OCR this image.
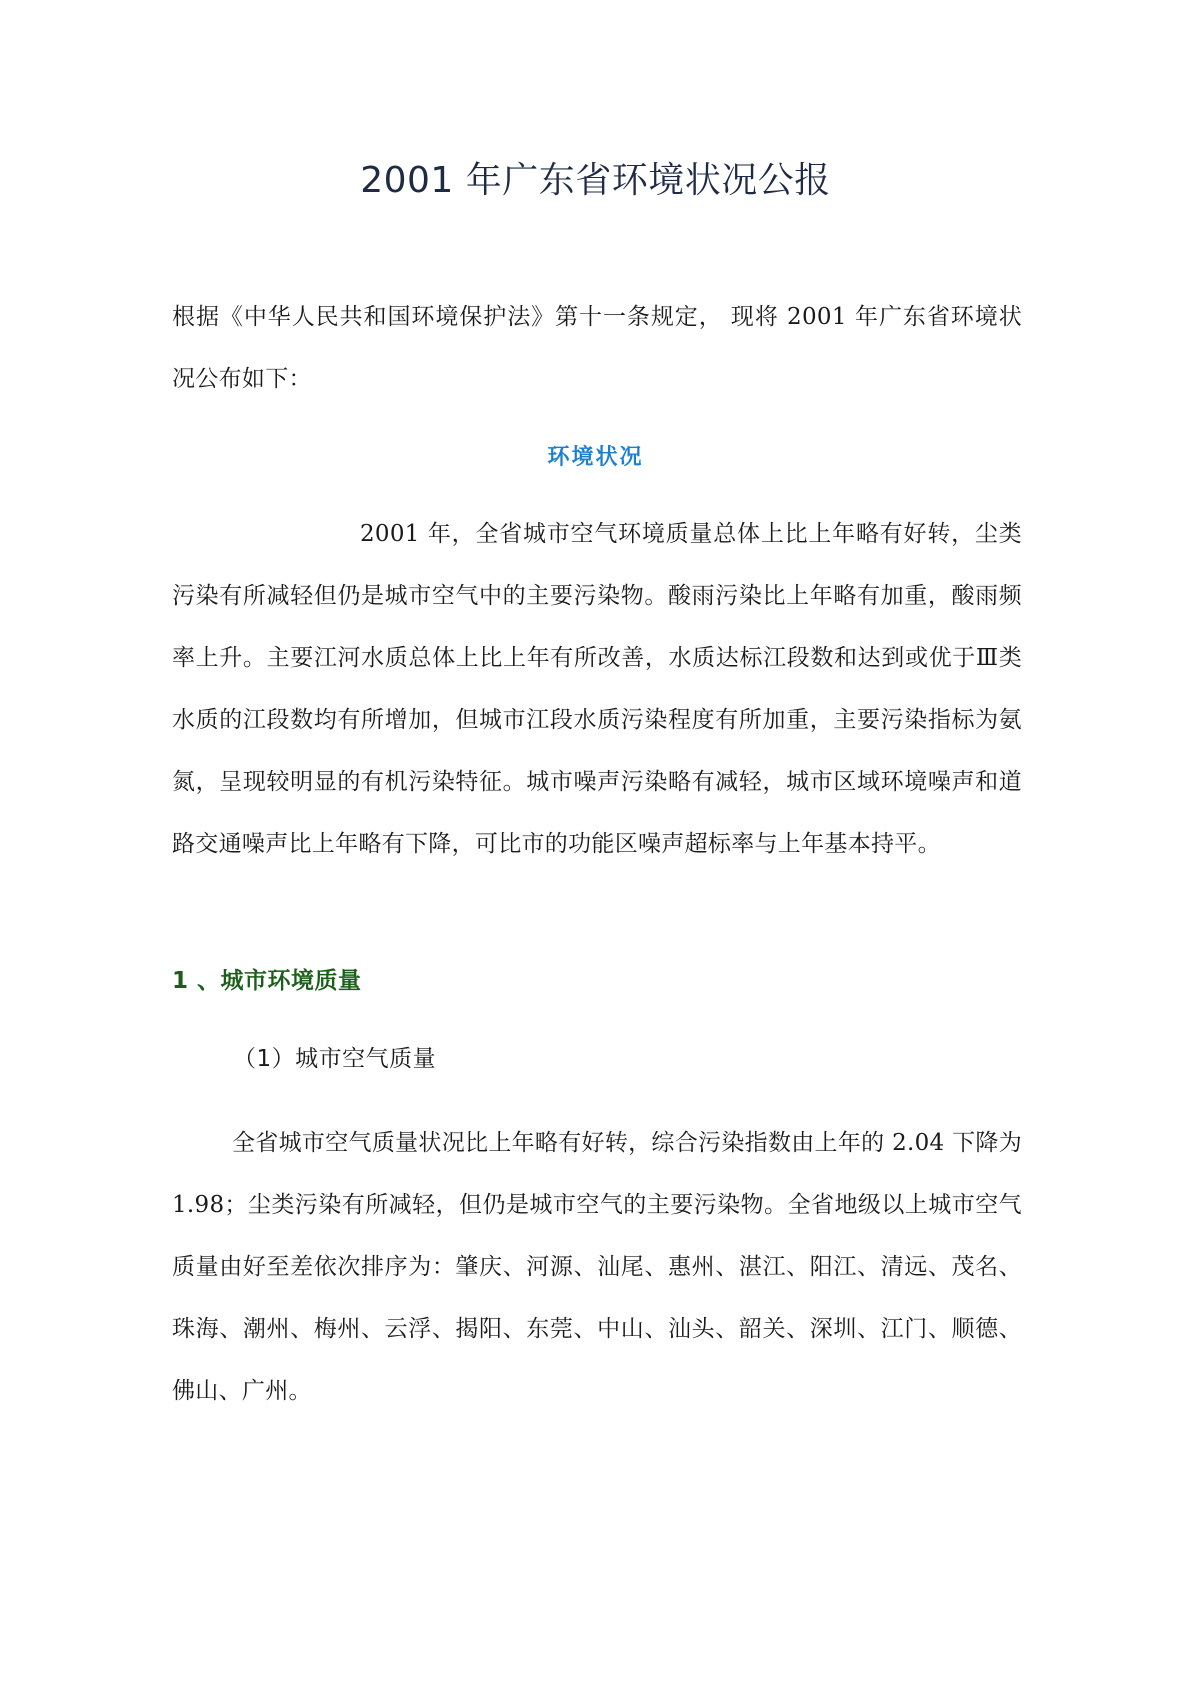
2001 年广东省环境状况公报
根据《中华人民共和国环境保护法》第十一条规定， 现将 2001 年广东省环境状况公布如下：
环境状况
2001 年，全省城市空气环境质量总体上比上年略有好转，尘类污染有所减轻但仍是城市空气中的主要污染物。酸雨污染比上年略有加重，酸雨频率上升。主要江河水质总体上比上年有所改善，水质达标江段数和达到或优于Ⅲ类水质的江段数均有所增加，但城市江段水质污染程度有所加重，主要污染指标为氨氮，呈现较明显的有机污染特征。城市噪声污染略有减轻，城市区域环境噪声和道路交通噪声比上年略有下降，可比市的功能区噪声超标率与上年基本持平。
1 、城市环境质量
（1）城市空气质量
全省城市空气质量状况比上年略有好转，综合污染指数由上年的 2.04 下降为 1.98；尘类污染有所减轻，但仍是城市空气的主要污染物。全省地级以上城市空气质量由好至差依次排序为：肇庆、河源、汕尾、惠州、湛江、阳江、清远、茂名、珠海、潮州、梅州、云浮、揭阳、东莞、中山、汕头、韶关、深圳、江门、顺德、佛山、广州。
